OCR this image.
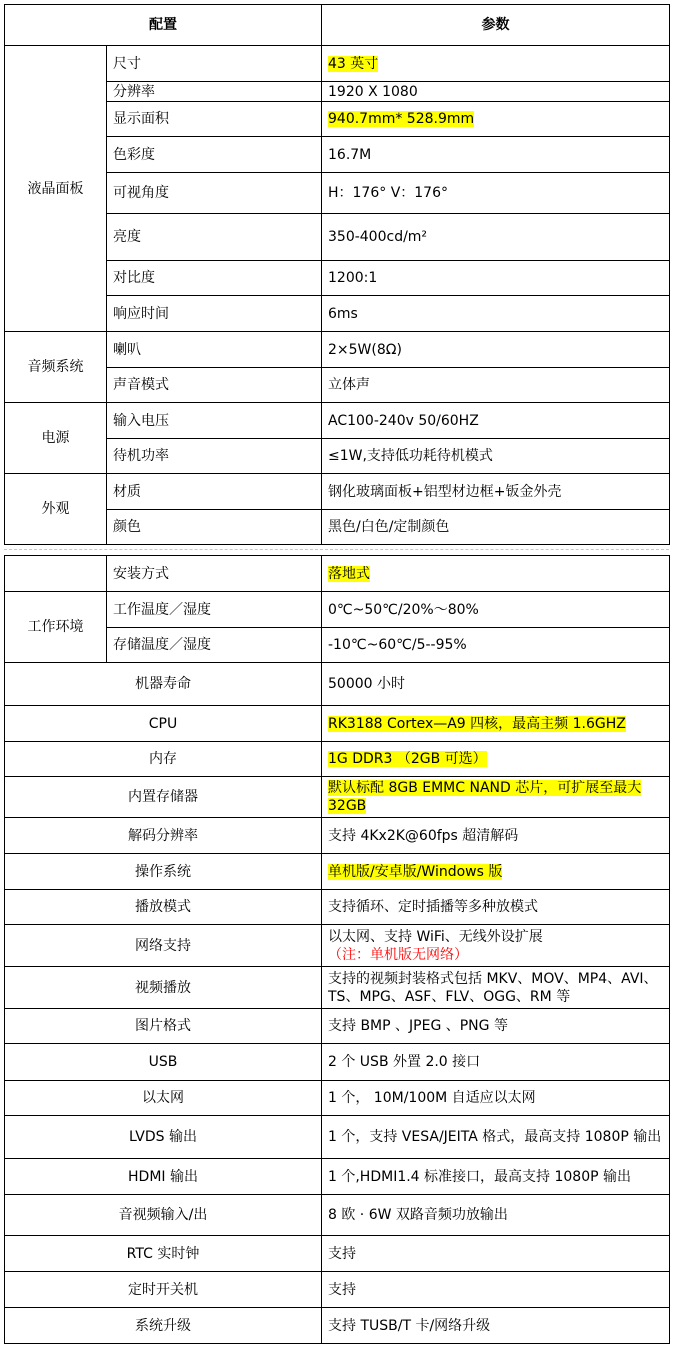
配置		参数
液晶面板	尺寸	43 英寸
	分辨率	1920 X 1080
	显示面积	940.7mm* 528.9mm
	色彩度	16.7M
	可视角度	H：176° V：176°
	亮度	350-400cd/m²
	对比度	1200:1
	响应时间	6ms
音频系统	喇叭	2×5W(8Ω)
	声音模式	立体声
电源	输入电压	AC100-240v 50/60HZ
	待机功率	≤1W,支持低功耗待机模式
外观	材质	钢化玻璃面板+铝型材边框+钣金外壳
	颜色	黑色/白色/定制颜色
	安装方式	落地式
工作环境	工作温度／湿度	0℃~50℃/20%～80%
	存储温度／湿度	-10℃~60℃/5--95%
机器寿命		50000 小时
CPU		RK3188 Cortex—A9 四核，最高主频 1.6GHZ
内存		1G DDR3 （2GB 可选）
内置存储器		默认标配 8GB EMMC NAND 芯片，可扩展至最大 32GB
解码分辨率		支持 4Kx2K@60fps 超清解码
操作系统		单机版/安卓版/Windows 版
播放模式		支持循环、定时插播等多种放模式
网络支持		以太网、支持 WiFi、无线外设扩展
（注：单机版无网络）
视频播放		支持的视频封装格式包括 MKV、MOV、MP4、AVI、TS、MPG、ASF、FLV、OGG、RM 等
图片格式		支持 BMP 、JPEG 、PNG 等
USB		2 个 USB 外置 2.0 接口
以太网		1 个， 10M/100M 自适应以太网
LVDS 输出		1 个，支持 VESA/JEITA 格式，最高支持 1080P 输出
HDMI 输出		1 个,HDMI1.4 标准接口，最高支持 1080P 输出
音视频输入/出		8 欧 · 6W 双路音频功放输出
RTC 实时钟		支持
定时开关机		支持
系统升级		支持 TUSB/T 卡/网络升级
